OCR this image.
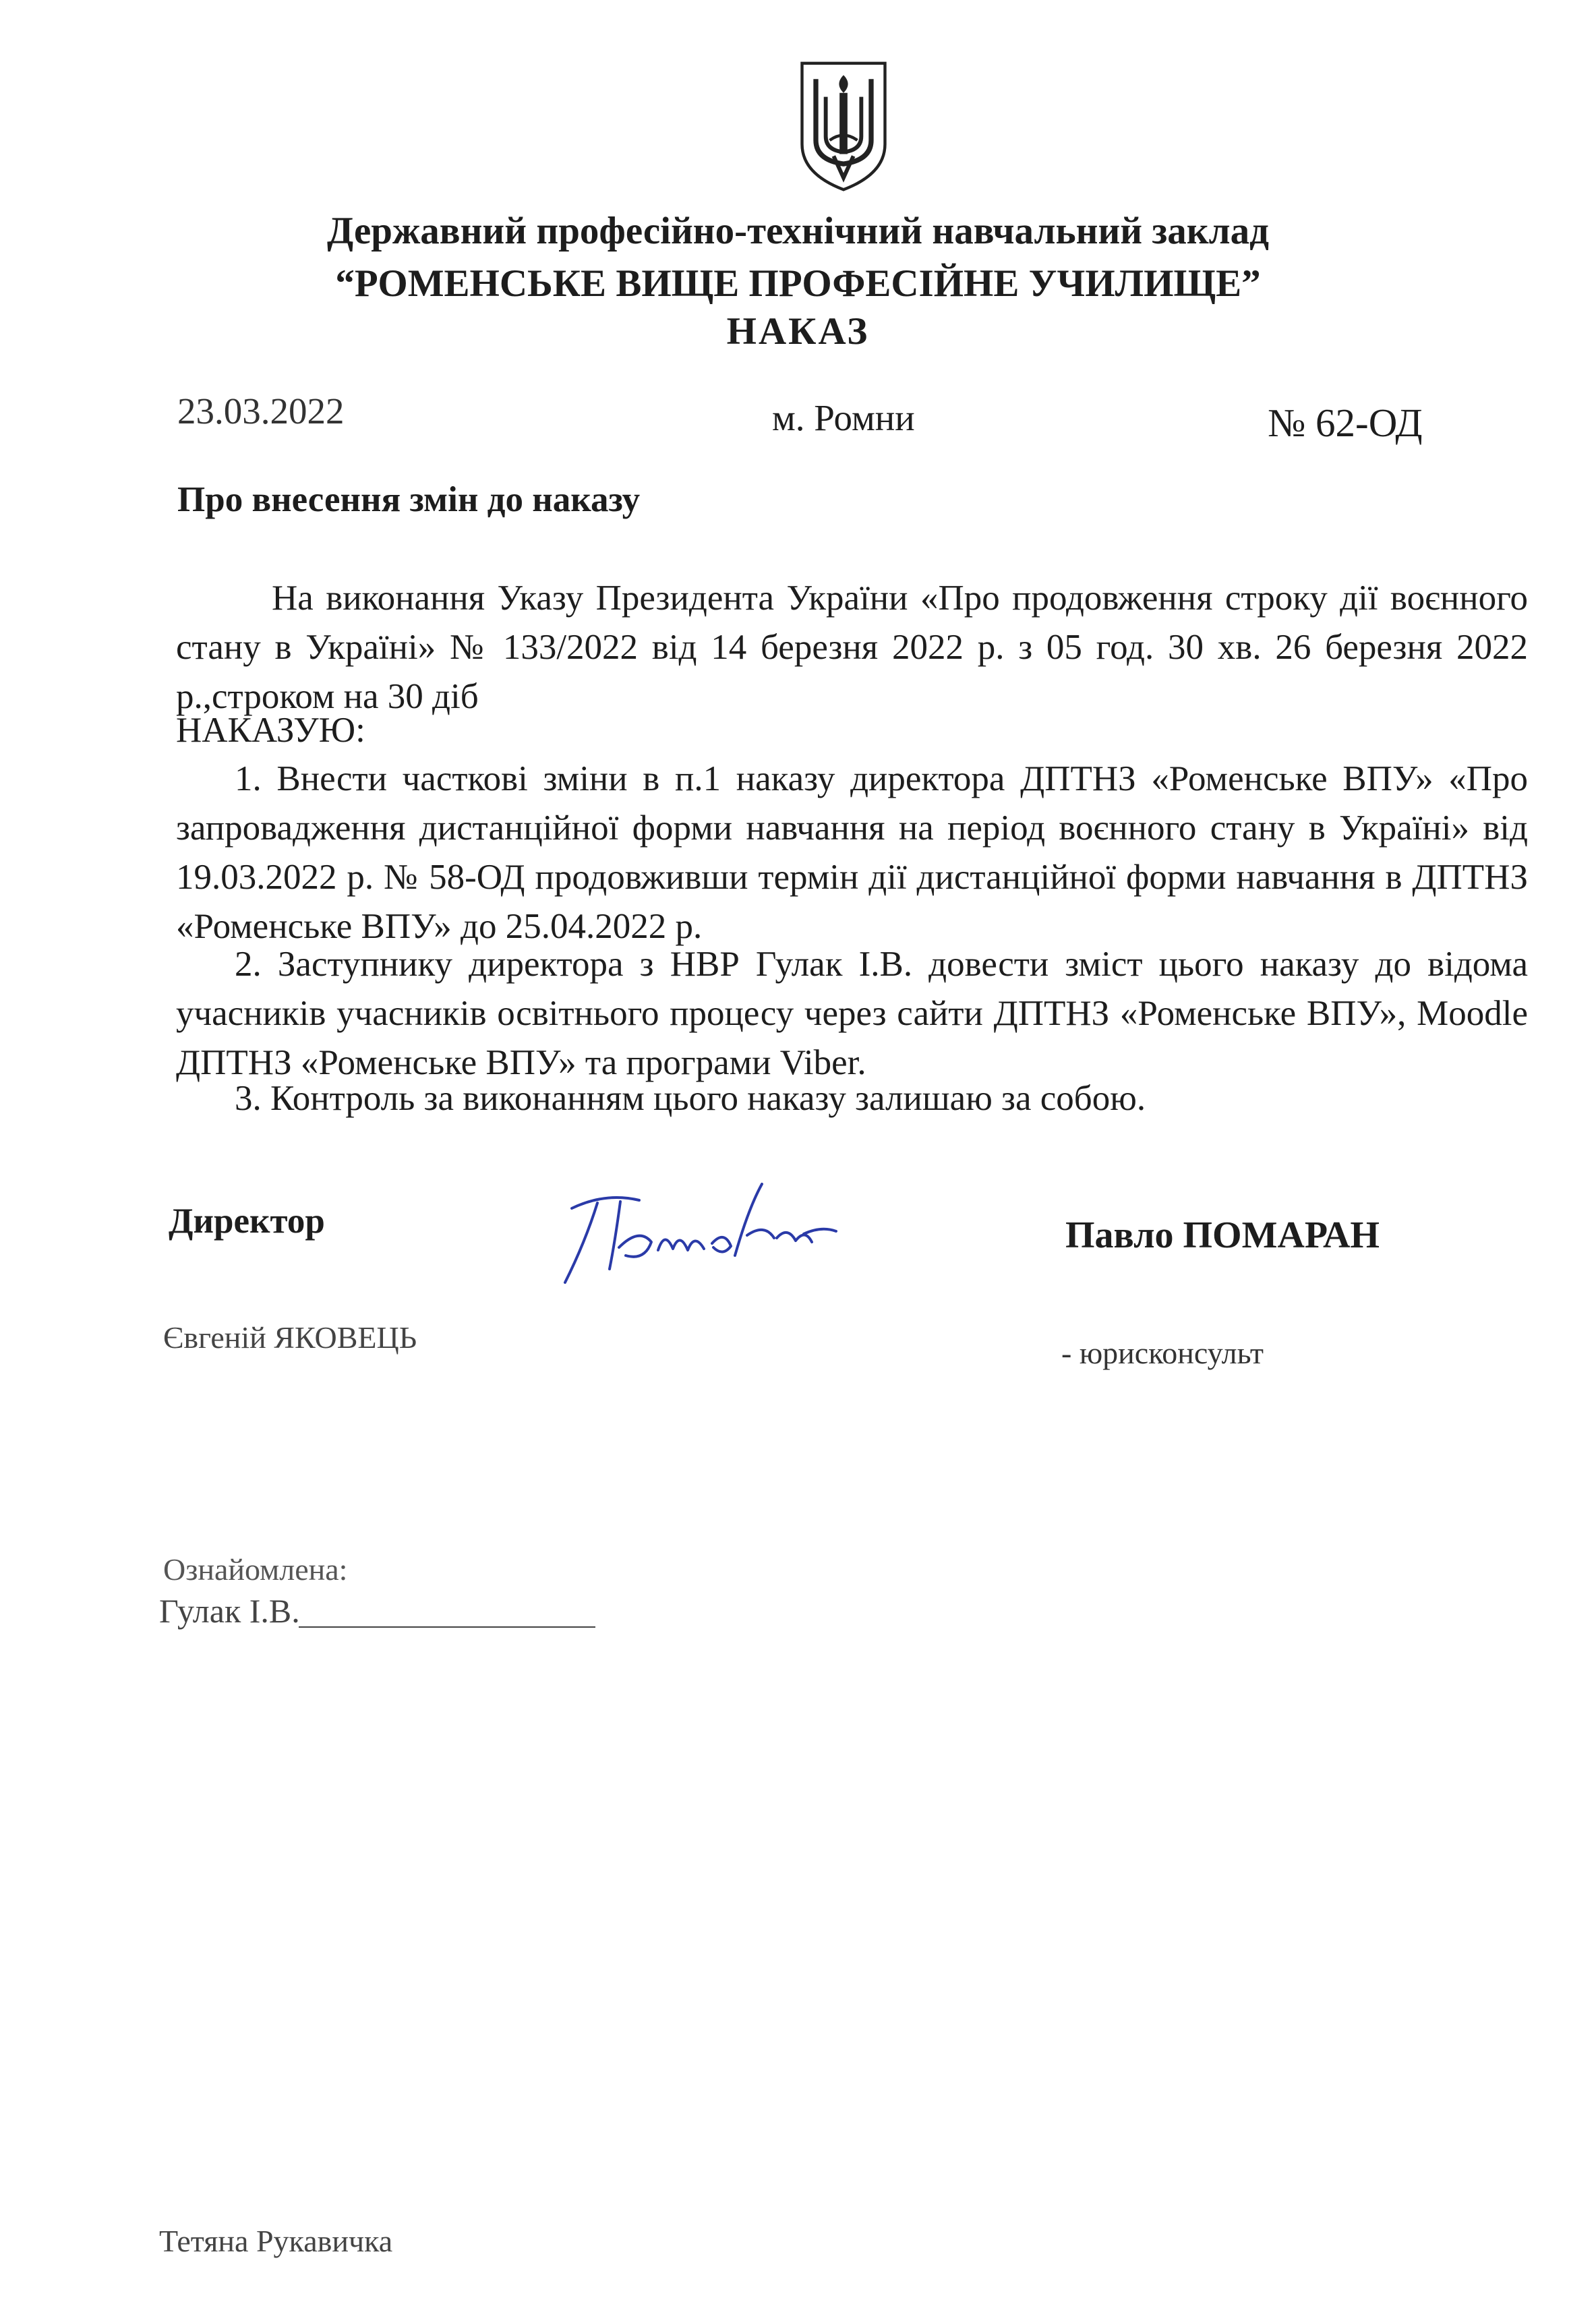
Державний професійно-технічний навчальний заклад
“РОМЕНСЬКЕ ВИЩЕ ПРОФЕСІЙНЕ УЧИЛИЩЕ”
НАКАЗ
23.03.2022	м. Ромни	№ 62-ОД
Про внесення змін до наказу
На виконання Указу Президента України «Про продовження строку дії воєнного стану в Україні» № 133/2022 від 14 березня 2022 р. з 05 год. 30 хв. 26 березня 2022 р.,строком на 30 діб
НАКАЗУЮ:
1. Внести часткові зміни в п.1 наказу директора ДПТНЗ «Роменське ВПУ» «Про запровадження дистанційної форми навчання на період воєнного стану в Україні» від 19.03.2022 р. № 58-ОД продовживши термін дії дистанційної форми навчання в ДПТНЗ «Роменське ВПУ» до 25.04.2022 р.
2. Заступнику директора з НВР Гулак І.В. довести зміст цього наказу до відома учасників учасників освітнього процесу через сайти ДПТНЗ «Роменське ВПУ», Moodle ДПТНЗ «Роменське ВПУ» та програми Viber.
3. Контроль за виконанням цього наказу залишаю за собою.
Директор	Павло ПОМАРАН
Євгеній ЯКОВЕЦЬ	- юрисконсульт
Ознайомлена:
Гулак І.В.
Тетяна Рукавичка
